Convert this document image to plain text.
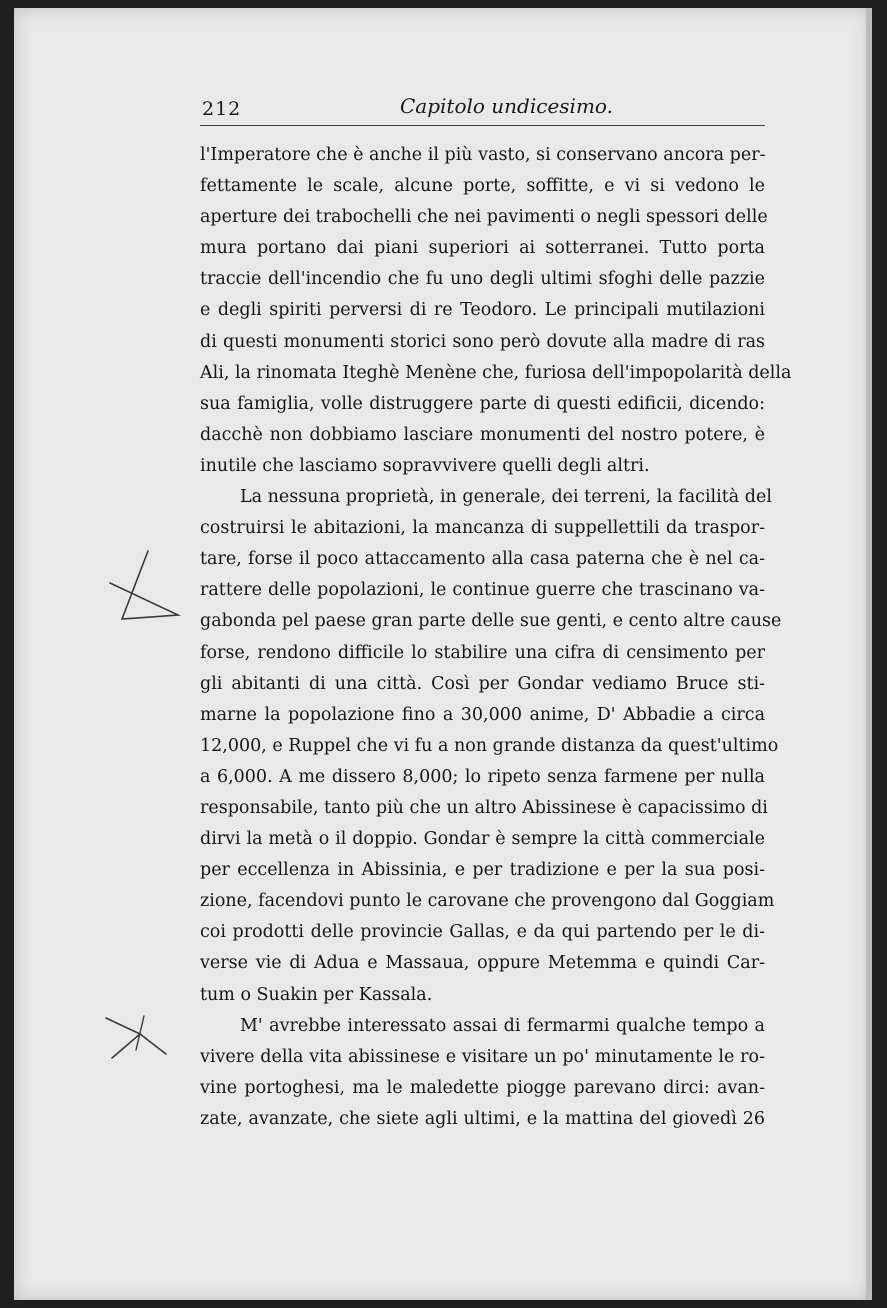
212	Capitolo undicesimo.
l'Imperatore che è anche il più vasto, si conservano ancora per-
fettamente le scale, alcune porte, soffitte, e vi si vedono le
aperture dei trabochelli che nei pavimenti o negli spessori delle
mura portano dai piani superiori ai sotterranei. Tutto porta
traccie dell'incendio che fu uno degli ultimi sfoghi delle pazzie
e degli spiriti perversi di re Teodoro. Le principali mutilazioni
di questi monumenti storici sono però dovute alla madre di ras
Ali, la rinomata Iteghè Menène che, furiosa dell'impopolarità della
sua famiglia, volle distruggere parte di questi edificii, dicendo:
dacchè non dobbiamo lasciare monumenti del nostro potere, è
inutile che lasciamo sopravvivere quelli degli altri.
La nessuna proprietà, in generale, dei terreni, la facilità del
costruirsi le abitazioni, la mancanza di suppellettili da traspor-
tare, forse il poco attaccamento alla casa paterna che è nel ca-
rattere delle popolazioni, le continue guerre che trascinano va-
gabonda pel paese gran parte delle sue genti, e cento altre cause
forse, rendono difficile lo stabilire una cifra di censimento per
gli abitanti di una città. Così per Gondar vediamo Bruce sti-
marne la popolazione fino a 30,000 anime, D' Abbadie a circa
12,000, e Ruppel che vi fu a non grande distanza da quest'ultimo
a 6,000. A me dissero 8,000; lo ripeto senza farmene per nulla
responsabile, tanto più che un altro Abissinese è capacissimo di
dirvi la metà o il doppio. Gondar è sempre la città commerciale
per eccellenza in Abissinia, e per tradizione e per la sua posi-
zione, facendovi punto le carovane che provengono dal Goggiam
coi prodotti delle provincie Gallas, e da qui partendo per le di-
verse vie di Adua e Massaua, oppure Metemma e quindi Car-
tum o Suakin per Kassala.
M' avrebbe interessato assai di fermarmi qualche tempo a
vivere della vita abissinese e visitare un po' minutamente le ro-
vine portoghesi, ma le maledette piogge parevano dirci: avan-
zate, avanzate, che siete agli ultimi, e la mattina del giovedì 26
